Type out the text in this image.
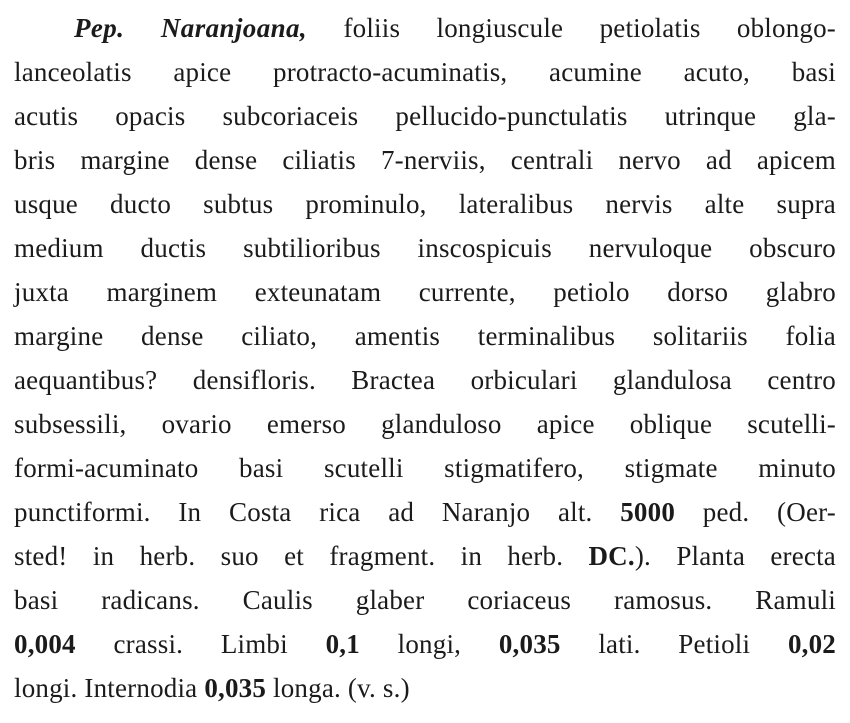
Pep. Naranjoana, foliis longiuscule petiolatis oblongo-
lanceolatis apice protracto-acuminatis, acumine acuto, basi
acutis opacis subcoriaceis pellucido-punctulatis utrinque gla-
bris margine dense ciliatis 7-nerviis, centrali nervo ad apicem
usque ducto subtus prominulo, lateralibus nervis alte supra
medium ductis subtilioribus inscospicuis nervuloque obscuro
juxta marginem exteunatam currente, petiolo dorso glabro
margine dense ciliato, amentis terminalibus solitariis folia
aequantibus? densifloris. Bractea orbiculari glandulosa centro
subsessili, ovario emerso glanduloso apice oblique scutelli-
formi-acuminato basi scutelli stigmatifero, stigmate minuto
punctiformi. In Costa rica ad Naranjo alt. 5000 ped. (Oer-
sted! in herb. suo et fragment. in herb. DC.). Planta erecta
basi radicans. Caulis glaber coriaceus ramosus. Ramuli
0,004 crassi. Limbi 0,1 longi, 0,035 lati. Petioli 0,02
longi. Internodia 0,035 longa. (v. s.)
